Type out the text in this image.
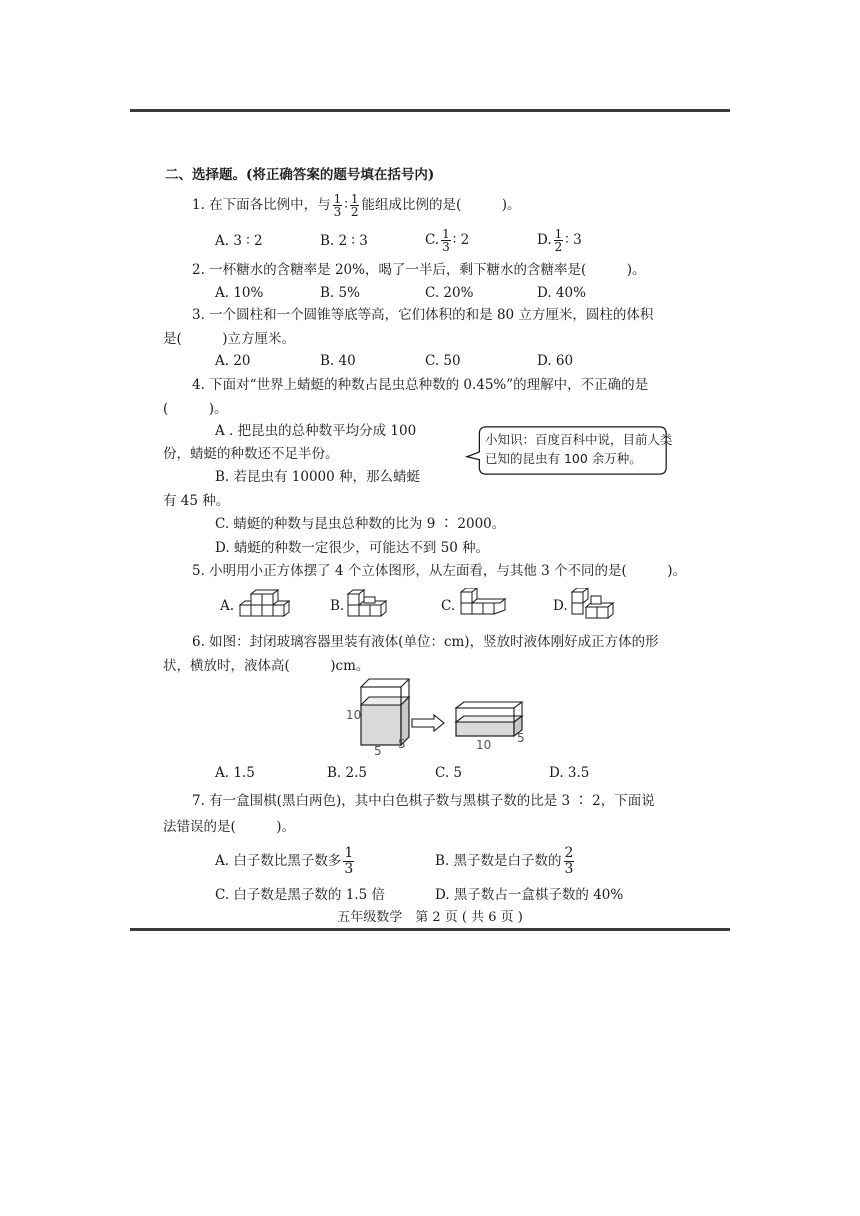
二、选择题。(将正确答案的题号填在括号内)
1. 在下面各比例中，与 $\frac{1}{3}$ ∶ $\frac{1}{2}$ 能组成比例的是(　　　)。
A. 3 ∶ 2	B. 2 ∶ 3	C. $\frac{1}{3}$ ∶ 2	D. $\frac{1}{2}$ ∶ 3
2. 一杯糖水的含糖率是 20%，喝了一半后，剩下糖水的含糖率是(　　　)。
A. 10%	B. 5%	C. 20%	D. 40%
3. 一个圆柱和一个圆锥等底等高，它们体积的和是 80 立方厘米，圆柱的体积
是(　　　)立方厘米。
A. 20	B. 40	C. 50	D. 60
4. 下面对“世界上蜻蜓的种数占昆虫总种数的 0.45%”的理解中，不正确的是
(　　　)。
A . 把昆虫的总种数平均分成 100
份，蜻蜓的种数还不足半份。
B. 若昆虫有 10000 种，那么蜻蜓
有 45 种。
C. 蜻蜓的种数与昆虫总种数的比为 9 ∶ 2000。
D. 蜻蜓的种数一定很少，可能达不到 50 种。
小知识：百度百科中说，目前人类
已知的昆虫有 100 余万种。
5. 小明用小正方体摆了 4 个立体图形，从左面看，与其他 3 个不同的是(　　　)。
A.	B.	C.	D.
6. 如图：封闭玻璃容器里装有液体(单位：cm)，竖放时液体刚好成正方体的形
状，横放时，液体高(　　　)cm。
10
5 5	10 5
A. 1.5	B. 2.5	C. 5	D. 3.5
7. 有一盒围棋(黑白两色)，其中白色棋子数与黑棋子数的比是 3 ∶ 2，下面说
法错误的是(　　　)。
A. 白子数比黑子数多 $\frac{1}{3}$	B. 黑子数是白子数的 $\frac{2}{3}$
C. 白子数是黑子数的 1.5 倍	D. 黑子数占一盒棋子数的 40%
五年级数学　第 2 页 ( 共 6 页 )
